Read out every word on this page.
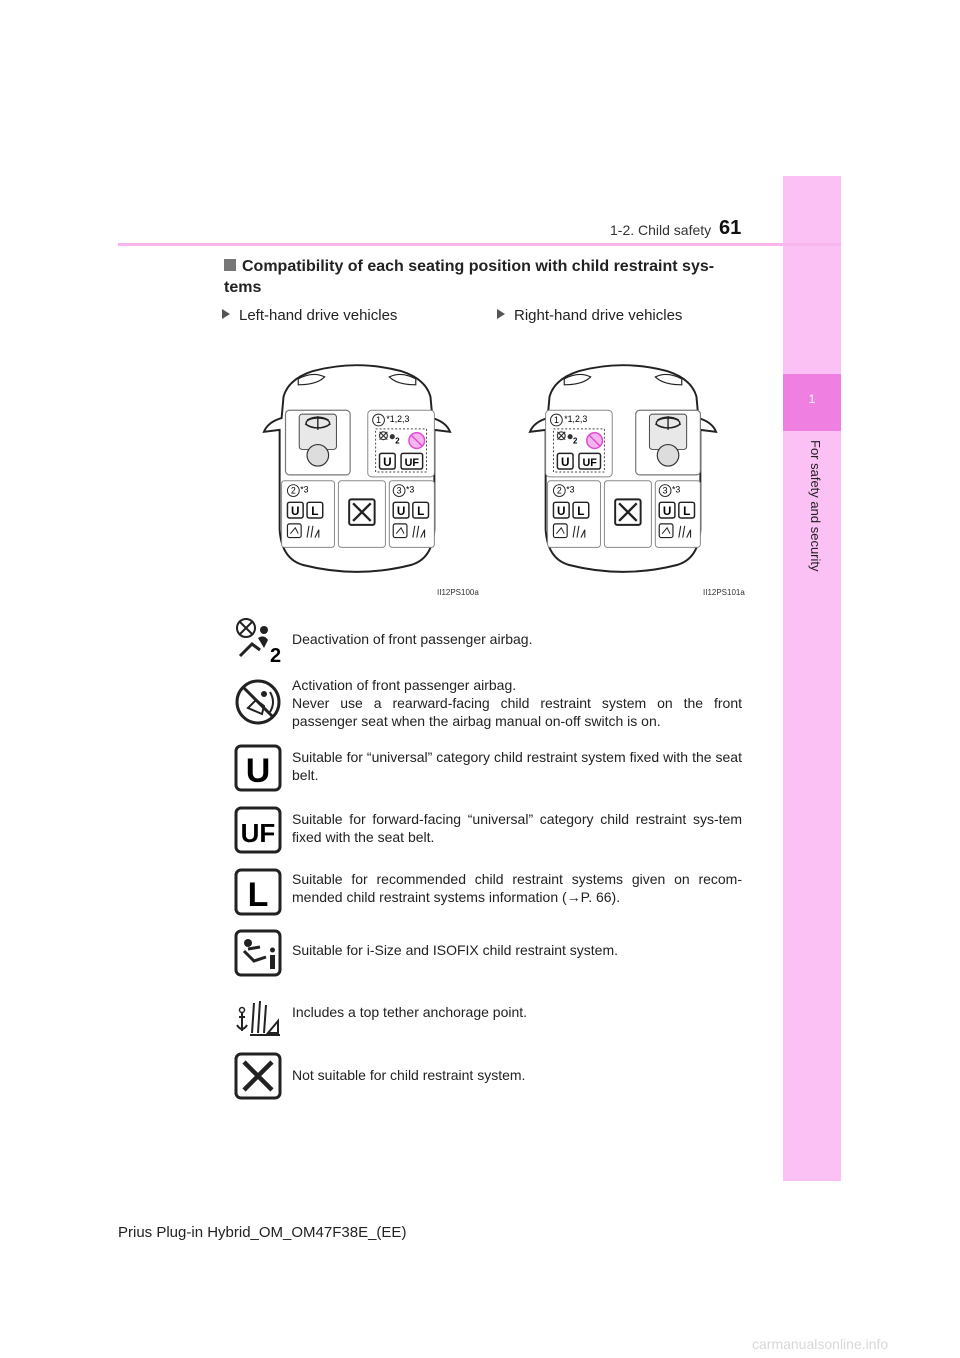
1
For safety and security
1-2. Child safety 61
Compatibility of each seating position with child restraint sys-tems
Left-hand drive vehicles	Right-hand drive vehicles
1 *1,2,3
2
U UF
2 *3
U L
3 *3
U L
II12PS100a
1 *1,2,3
2
U UF
2 *3
U L
3 *3
U L
II12PS101a
2
Deactivation of front passenger airbag.
Activation of front passenger airbag.
Never use a rearward-facing child restraint system on the front passenger seat when the airbag manual on-off switch is on.
U Suitable for “universal” category child restraint system fixed with the seat belt.
UF Suitable for forward-facing “universal” category child restraint sys-tem fixed with the seat belt.
L Suitable for recommended child restraint systems given on recom-mended child restraint systems information (→P. 66).
Suitable for i-Size and ISOFIX child restraint system.
Includes a top tether anchorage point.
Not suitable for child restraint system.
Prius Plug-in Hybrid_OM_OM47F38E_(EE)
carmanualsonline.info
